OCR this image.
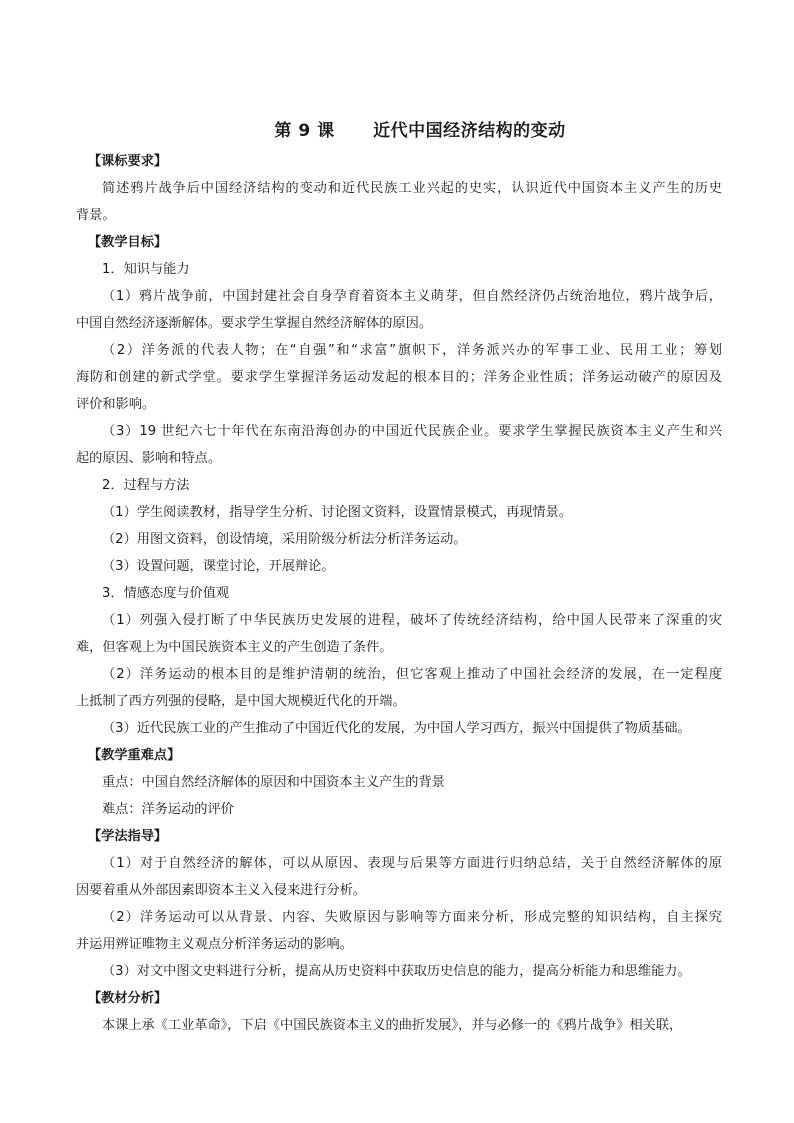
第 9 课      近代中国经济结构的变动
【课标要求】
简述鸦片战争后中国经济结构的变动和近代民族工业兴起的史实，认识近代中国资本主义产生的历史
背景。
【教学目标】
1．知识与能力
（1）鸦片战争前，中国封建社会自身孕育着资本主义萌芽，但自然经济仍占统治地位，鸦片战争后，
中国自然经济逐渐解体。要求学生掌握自然经济解体的原因。
（2）洋务派的代表人物；在“自强”和“求富”旗帜下，洋务派兴办的军事工业、民用工业；筹划
海防和创建的新式学堂。要求学生掌握洋务运动发起的根本目的；洋务企业性质；洋务运动破产的原因及
评价和影响。
（3）19 世纪六七十年代在东南沿海创办的中国近代民族企业。要求学生掌握民族资本主义产生和兴
起的原因、影响和特点。
2．过程与方法
（1）学生阅读教材，指导学生分析、讨论图文资料，设置情景模式，再现情景。
（2）用图文资料，创设情境，采用阶级分析法分析洋务运动。
（3）设置问题，课堂讨论，开展辩论。
3．情感态度与价值观
（1）列强入侵打断了中华民族历史发展的进程，破坏了传统经济结构，给中国人民带来了深重的灾
难，但客观上为中国民族资本主义的产生创造了条件。
（2）洋务运动的根本目的是维护清朝的统治，但它客观上推动了中国社会经济的发展，在一定程度
上抵制了西方列强的侵略，是中国大规模近代化的开端。
（3）近代民族工业的产生推动了中国近代化的发展，为中国人学习西方，振兴中国提供了物质基础。
【教学重难点】
重点：中国自然经济解体的原因和中国资本主义产生的背景
难点：洋务运动的评价
【学法指导】
（1）对于自然经济的解体，可以从原因、表现与后果等方面进行归纳总结，关于自然经济解体的原
因要着重从外部因素即资本主义入侵来进行分析。
（2）洋务运动可以从背景、内容、失败原因与影响等方面来分析，形成完整的知识结构，自主探究
并运用辨证唯物主义观点分析洋务运动的影响。
（3）对文中图文史料进行分析，提高从历史资料中获取历史信息的能力，提高分析能力和思维能力。
【教材分析】
本课上承《工业革命》，下启《中国民族资本主义的曲折发展》，并与必修一的《鸦片战争》相关联，
